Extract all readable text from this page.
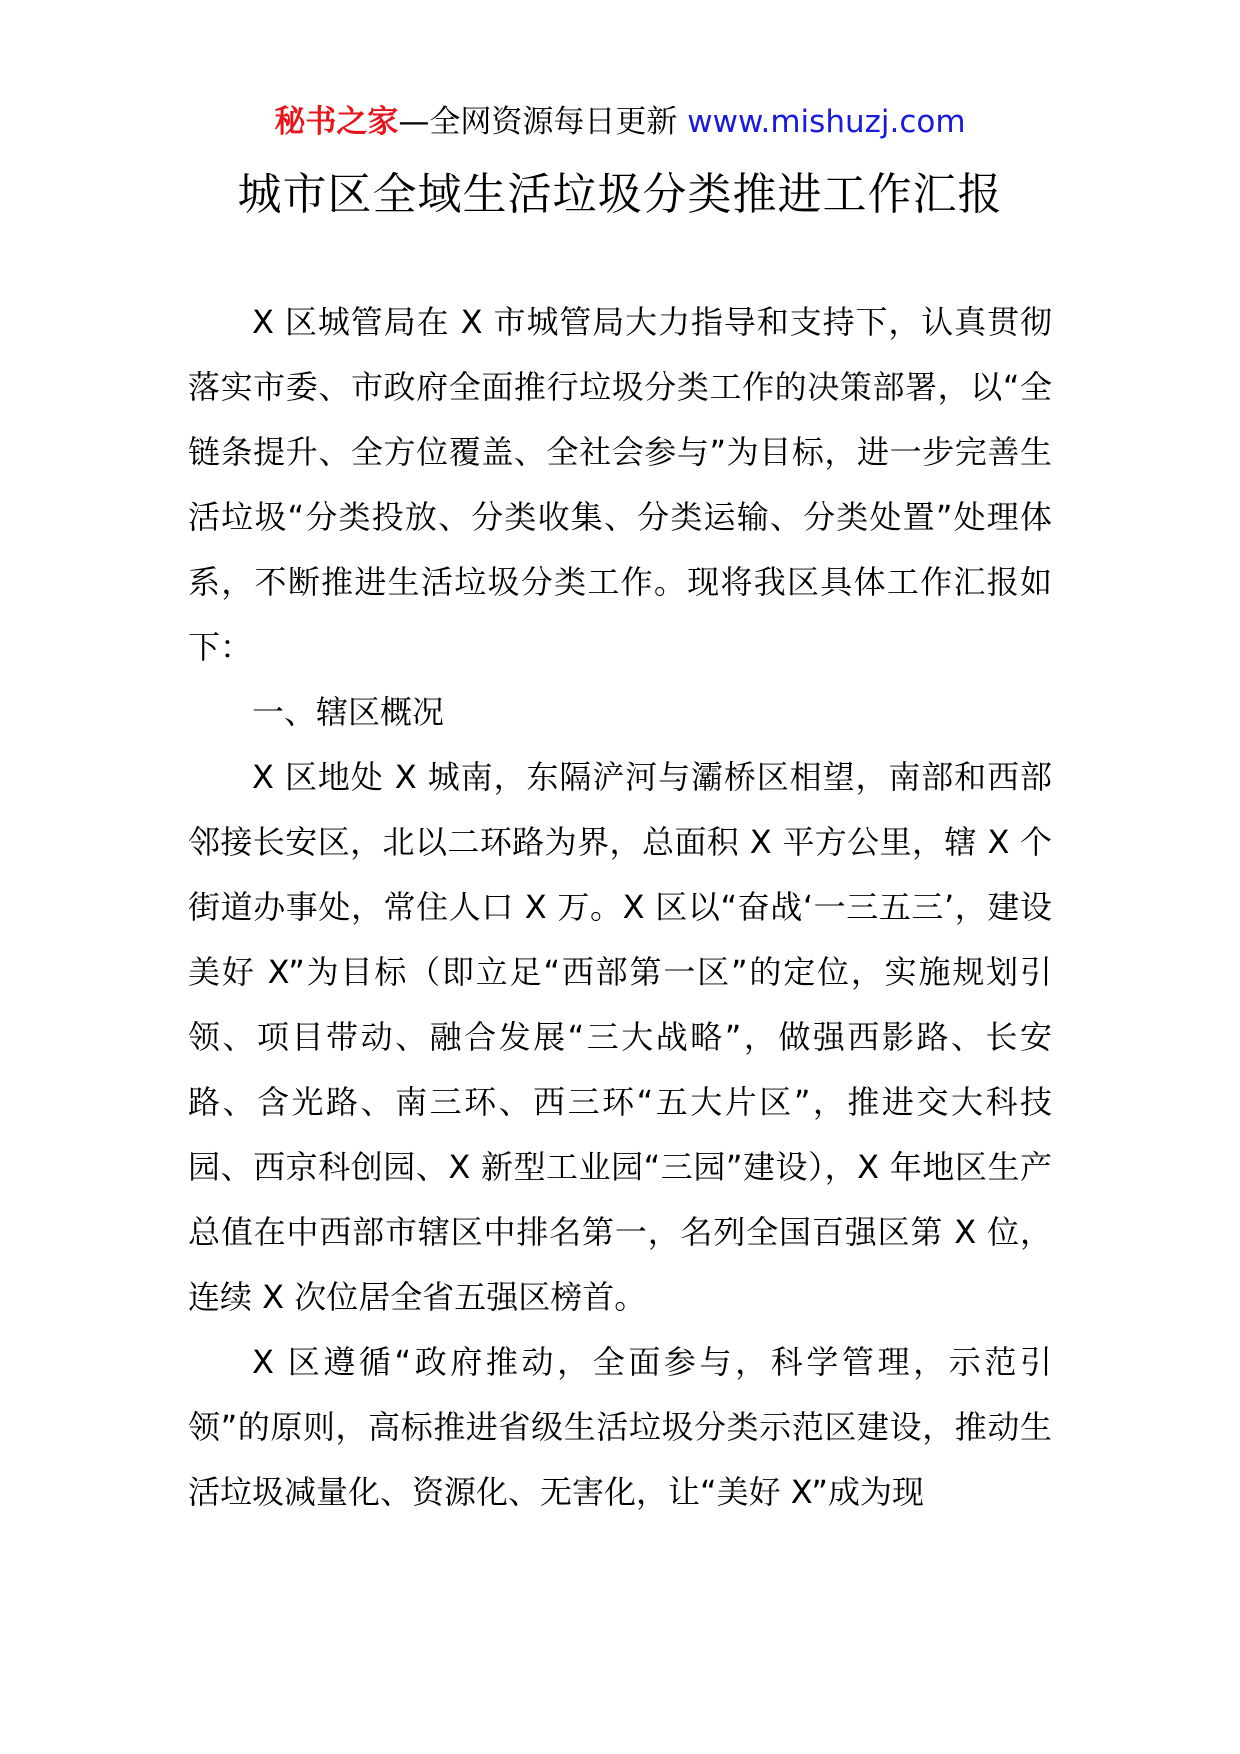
秘书之家—全网资源每日更新 www.mishuzj.com
城市区全域生活垃圾分类推进工作汇报

X 区城管局在 X 市城管局大力指导和支持下，认真贯彻落实市委、市政府全面推行垃圾分类工作的决策部署，以“全链条提升、全方位覆盖、全社会参与”为目标，进一步完善生活垃圾“分类投放、分类收集、分类运输、分类处置”处理体系，不断推进生活垃圾分类工作。现将我区具体工作汇报如下：

一、辖区概况

X 区地处 X 城南，东隔浐河与灞桥区相望，南部和西部邻接长安区，北以二环路为界，总面积 X 平方公里，辖 X 个街道办事处，常住人口 X 万。X 区以“奋战‘一三五三’，建设美好 X”为目标（即立足“西部第一区”的定位，实施规划引领、项目带动、融合发展“三大战略”，做强西影路、长安路、含光路、南三环、西三环“五大片区”，推进交大科技园、西京科创园、X 新型工业园“三园”建设），X 年地区生产总值在中西部市辖区中排名第一，名列全国百强区第 X 位，连续 X 次位居全省五强区榜首。

X 区遵循“政府推动，全面参与，科学管理，示范引领”的原则，高标推进省级生活垃圾分类示范区建设，推动生活垃圾减量化、资源化、无害化，让“美好 X”成为现
